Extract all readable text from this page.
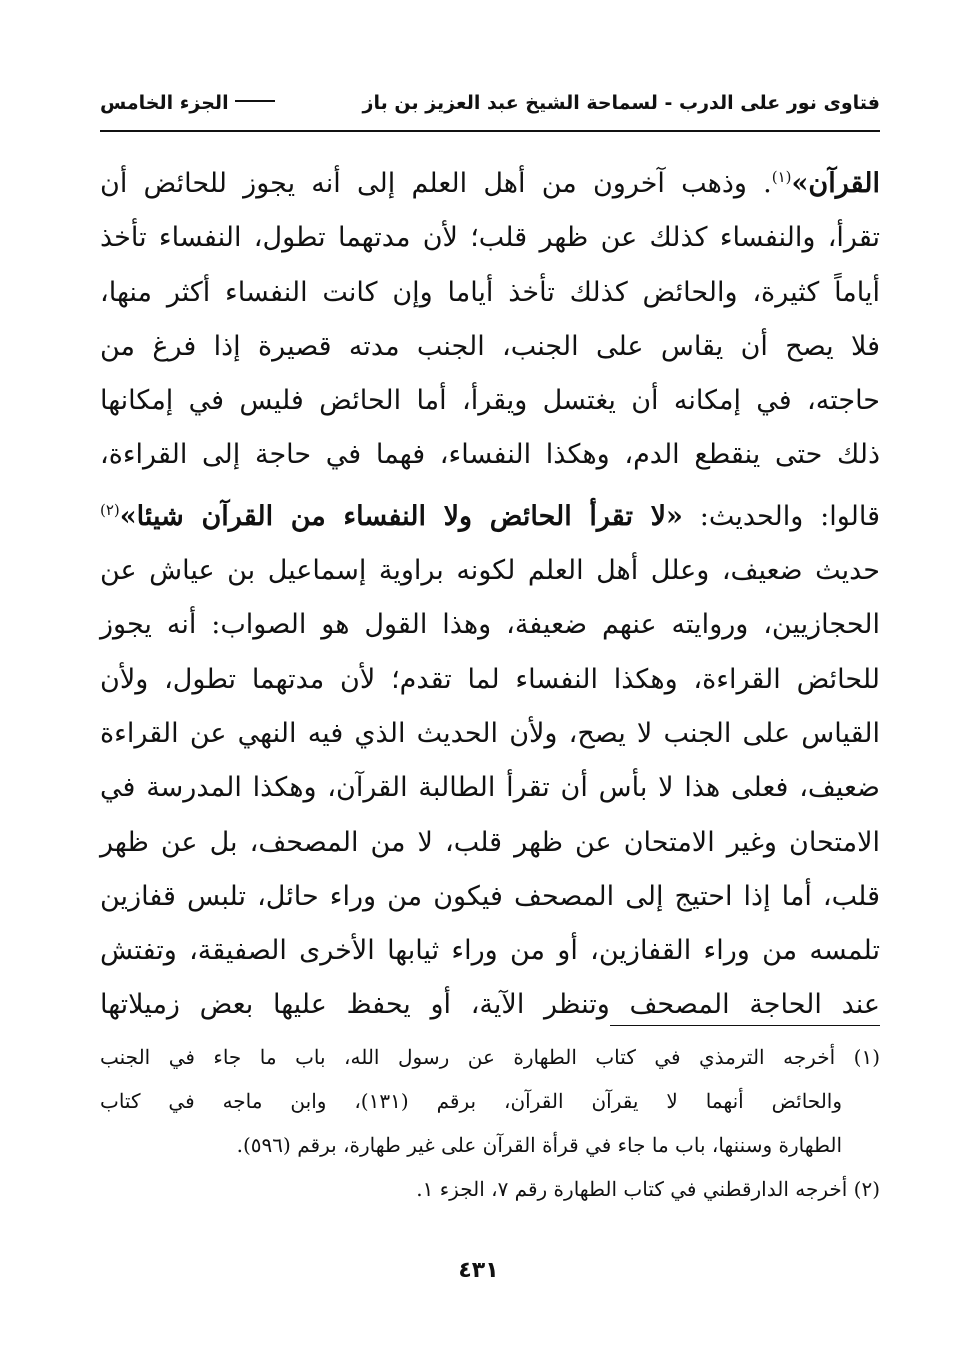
فتاوى نور على الدرب - لسماحة الشيخ عبد العزيز بن باز
الجزء الخامس
القرآن»$^{(١)}$. وذهب آخرون من أهل العلم إلى أنه يجوز للحائض أن
تقرأ، والنفساء كذلك عن ظهر قلب؛ لأن مدتهما تطول، النفساء تأخذ
أياماً كثيرة، والحائض كذلك تأخذ أياما وإن كانت النفساء أكثر منها،
فلا يصح أن يقاس على الجنب، الجنب مدته قصيرة إذا فرغ من
حاجته، في إمكانه أن يغتسل ويقرأ، أما الحائض فليس في إمكانها
ذلك حتى ينقطع الدم، وهكذا النفساء، فهما في حاجة إلى القراءة،
قالوا: والحديث: «لا تقرأ الحائض ولا النفساء من القرآن شيئا»$^{(٢)}$
حديث ضعيف، وعلل أهل العلم لكونه براوية إسماعيل بن عياش عن
الحجازيين، وروايته عنهم ضعيفة، وهذا القول هو الصواب: أنه يجوز
للحائض القراءة، وهكذا النفساء لما تقدم؛ لأن مدتهما تطول، ولأن
القياس على الجنب لا يصح، ولأن الحديث الذي فيه النهي عن القراءة
ضعيف، فعلى هذا لا بأس أن تقرأ الطالبة القرآن، وهكذا المدرسة في
الامتحان وغير الامتحان عن ظهر قلب، لا من المصحف، بل عن ظهر
قلب، أما إذا احتيج إلى المصحف فيكون من وراء حائل، تلبس قفازين
تلمسه من وراء القفازين، أو من وراء ثيابها الأخرى الصفيقة، وتفتش
عند الحاجة المصحف وتنظر الآية، أو يحفظ عليها بعض زميلاتها
(١) أخرجه الترمذي في كتاب الطهارة عن رسول الله، باب ما جاء في الجنب
والحائض أنهما لا يقرآن القرآن، برقم (١٣١)، وابن ماجه في كتاب
الطهارة وسننها، باب ما جاء في قرأة القرآن على غير طهارة، برقم (٥٩٦).
(٢) أخرجه الدارقطني في كتاب الطهارة رقم ٧، الجزء ١.
٤٣١
